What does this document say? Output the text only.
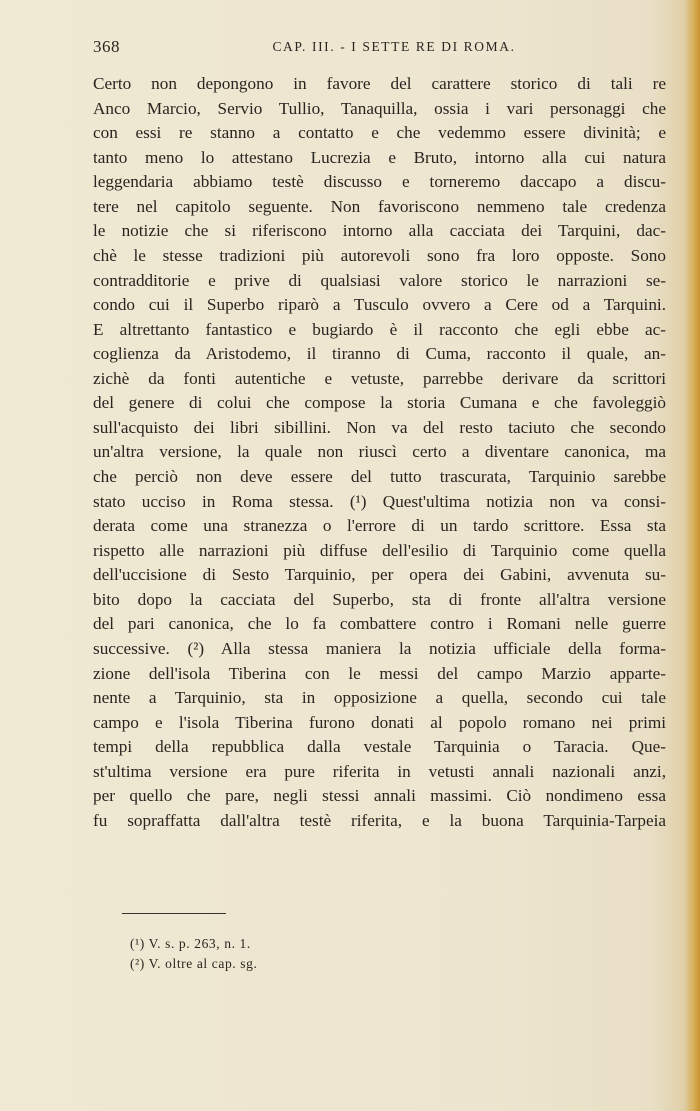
368	CAP. III. - I SETTE RE DI ROMA.
Certo non depongono in favore del carattere storico di tali re
Anco Marcio, Servio Tullio, Tanaquilla, ossia i vari personaggi che
con essi re stanno a contatto e che vedemmo essere divinità; e
tanto meno lo attestano Lucrezia e Bruto, intorno alla cui natura
leggendaria abbiamo testè discusso e torneremo daccapo a discu-
tere nel capitolo seguente. Non favoriscono nemmeno tale credenza
le notizie che si riferiscono intorno alla cacciata dei Tarquini, dac-
chè le stesse tradizioni più autorevoli sono fra loro opposte. Sono
contradditorie e prive di qualsiasi valore storico le narrazioni se-
condo cui il Superbo riparò a Tusculo ovvero a Cere od a Tarquini.
E altrettanto fantastico e bugiardo è il racconto che egli ebbe ac-
coglienza da Aristodemo, il tiranno di Cuma, racconto il quale, an-
zichè da fonti autentiche e vetuste, parrebbe derivare da scrittori
del genere di colui che compose la storia Cumana e che favoleggiò
sull'acquisto dei libri sibillini. Non va del resto taciuto che secondo
un'altra versione, la quale non riuscì certo a diventare canonica, ma
che perciò non deve essere del tutto trascurata, Tarquinio sarebbe
stato ucciso in Roma stessa. (¹) Quest'ultima notizia non va consi-
derata come una stranezza o l'errore di un tardo scrittore. Essa sta
rispetto alle narrazioni più diffuse dell'esilio di Tarquinio come quella
dell'uccisione di Sesto Tarquinio, per opera dei Gabini, avvenuta su-
bito dopo la cacciata del Superbo, sta di fronte all'altra versione
del pari canonica, che lo fa combattere contro i Romani nelle guerre
successive. (²) Alla stessa maniera la notizia ufficiale della forma-
zione dell'isola Tiberina con le messi del campo Marzio apparte-
nente a Tarquinio, sta in opposizione a quella, secondo cui tale
campo e l'isola Tiberina furono donati al popolo romano nei primi
tempi della repubblica dalla vestale Tarquinia o Taracia. Que-
st'ultima versione era pure riferita in vetusti annali nazionali anzi,
per quello che pare, negli stessi annali massimi. Ciò nondimeno essa
fu sopraffatta dall'altra testè riferita, e la buona Tarquinia-Tarpeia
(¹) V. s. p. 263, n. 1.
(²) V. oltre al cap. sg.
